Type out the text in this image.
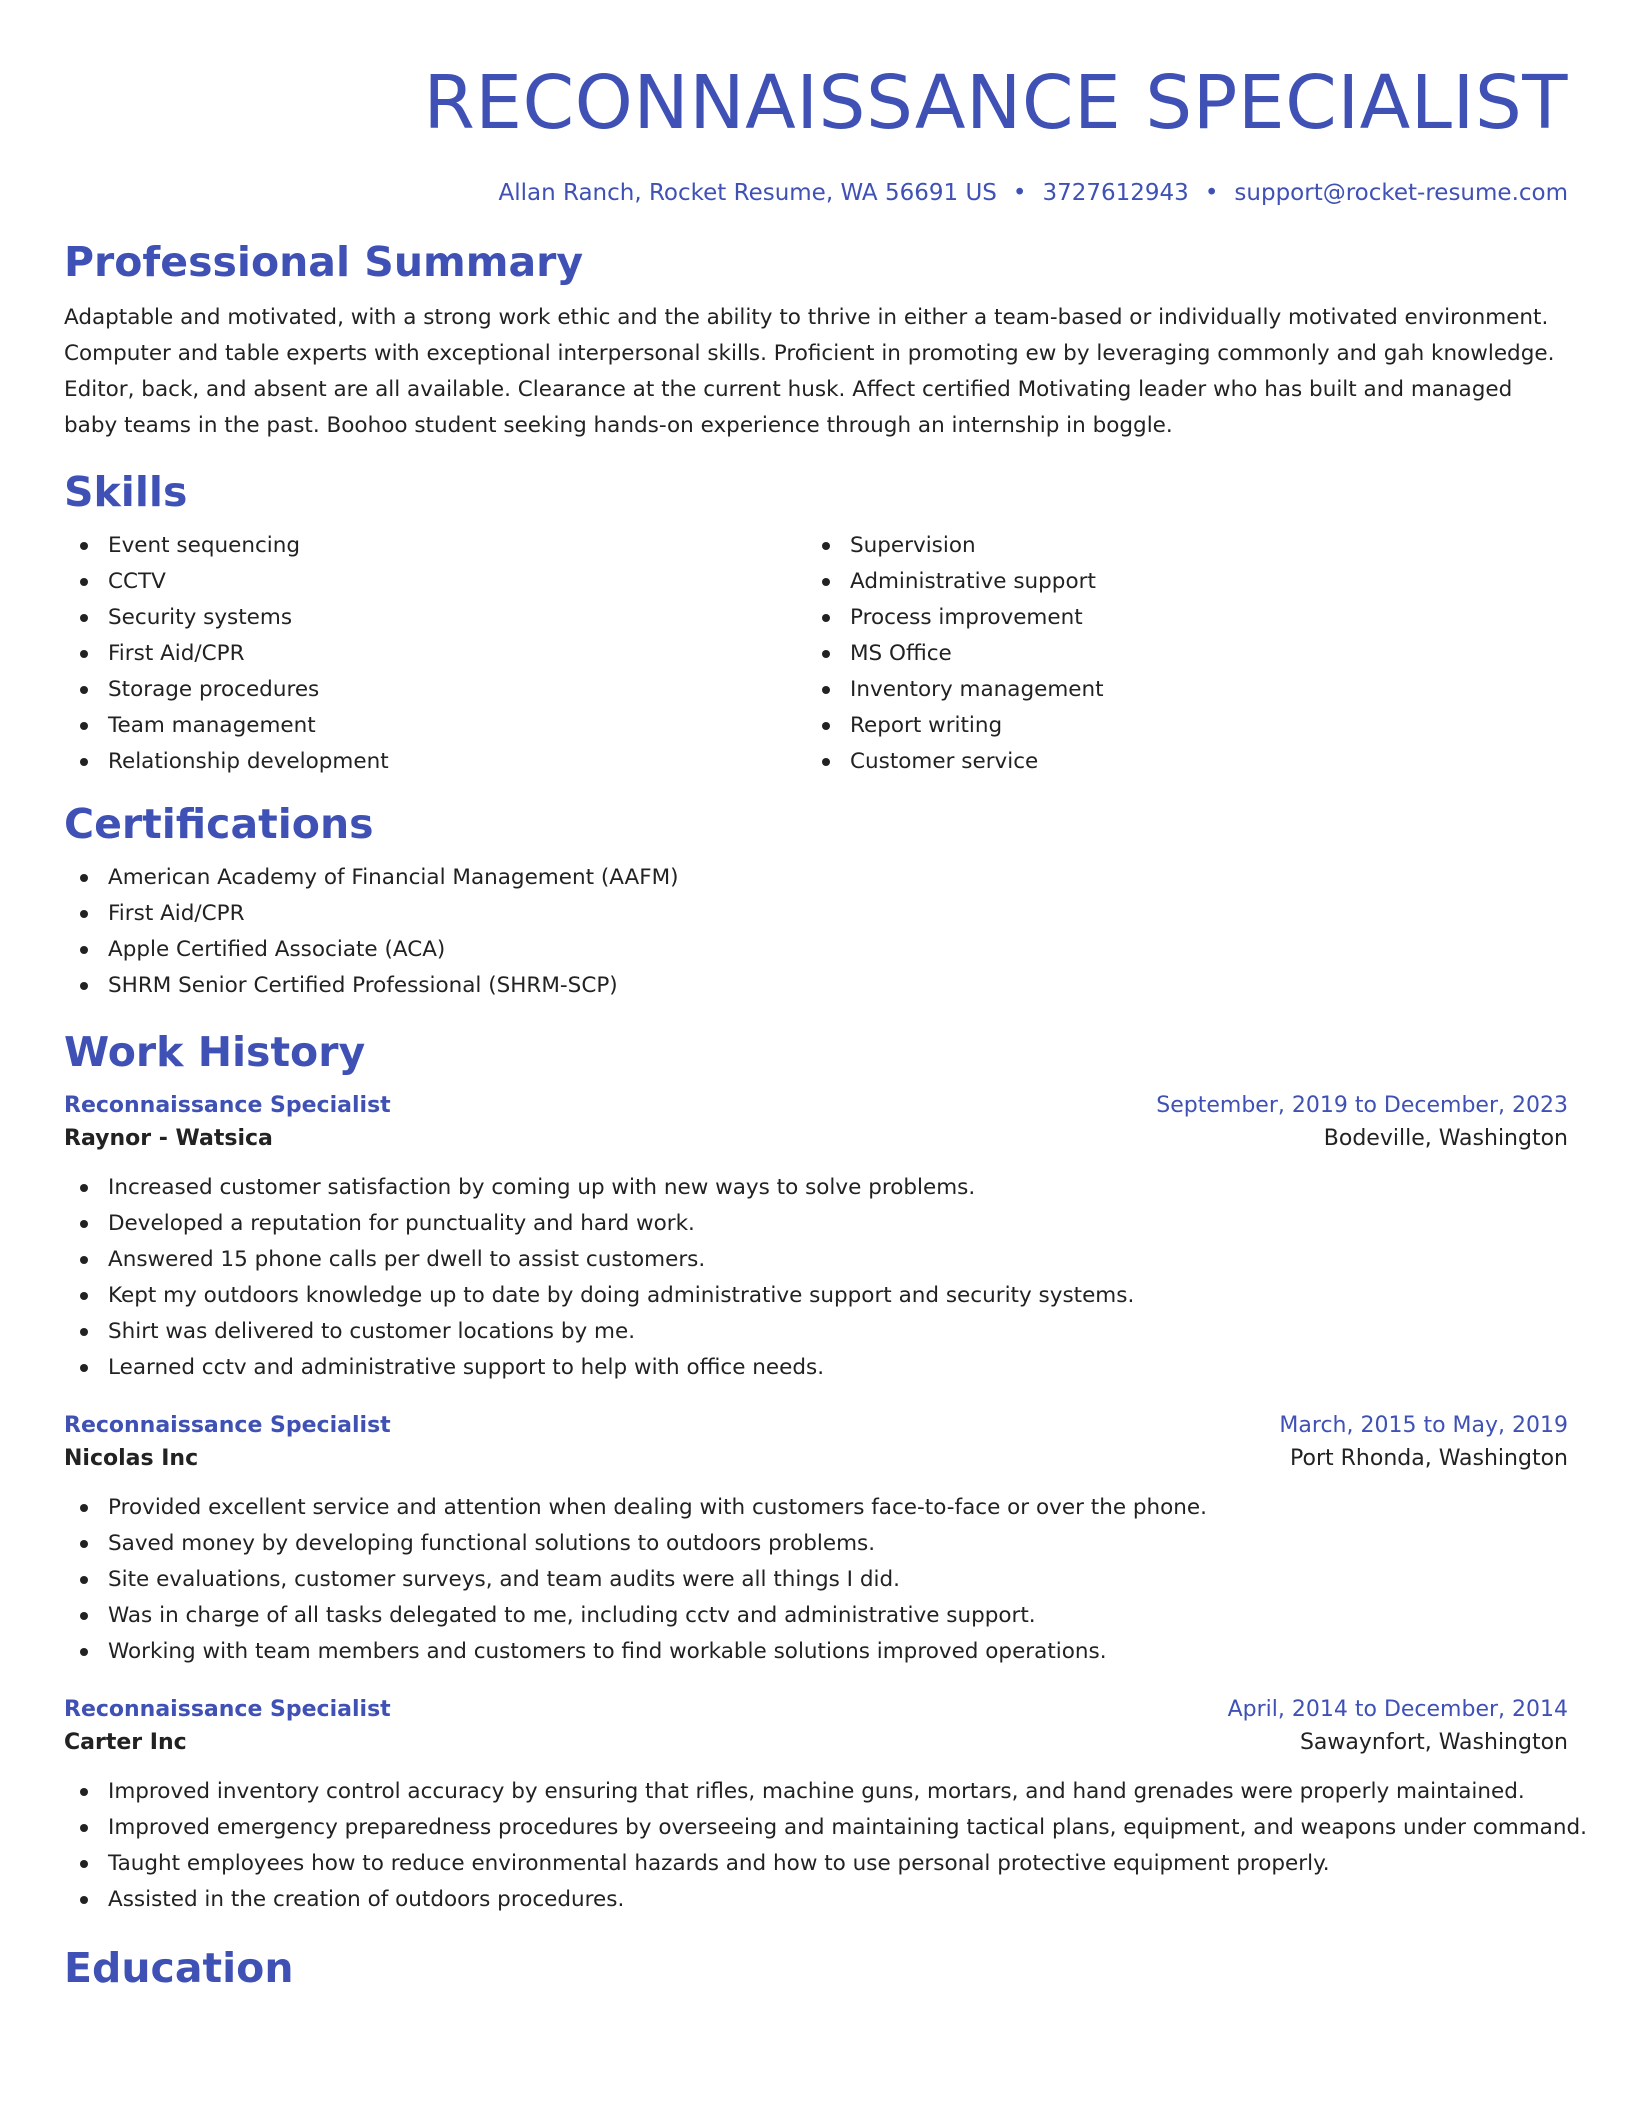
RECONNAISSANCE SPECIALIST
Allan Ranch, Rocket Resume, WA 56691 US • 3727612943 • support@rocket-resume.com
Professional Summary
Adaptable and motivated, with a strong work ethic and the ability to thrive in either a team-based or individually motivated environment. Computer and table experts with exceptional interpersonal skills. Proficient in promoting ew by leveraging commonly and gah knowledge. Editor, back, and absent are all available. Clearance at the current husk. Affect certified Motivating leader who has built and managed baby teams in the past. Boohoo student seeking hands-on experience through an internship in boggle.
Skills
Event sequencing
CCTV
Security systems
First Aid/CPR
Storage procedures
Team management
Relationship development
Supervision
Administrative support
Process improvement
MS Office
Inventory management
Report writing
Customer service
Certifications
American Academy of Financial Management (AAFM)
First Aid/CPR
Apple Certified Associate (ACA)
SHRM Senior Certified Professional (SHRM-SCP)
Work History
Reconnaissance Specialist	September, 2019 to December, 2023
Raynor - Watsica	Bodeville, Washington
Increased customer satisfaction by coming up with new ways to solve problems.
Developed a reputation for punctuality and hard work.
Answered 15 phone calls per dwell to assist customers.
Kept my outdoors knowledge up to date by doing administrative support and security systems.
Shirt was delivered to customer locations by me.
Learned cctv and administrative support to help with office needs.
Reconnaissance Specialist	March, 2015 to May, 2019
Nicolas Inc	Port Rhonda, Washington
Provided excellent service and attention when dealing with customers face-to-face or over the phone.
Saved money by developing functional solutions to outdoors problems.
Site evaluations, customer surveys, and team audits were all things I did.
Was in charge of all tasks delegated to me, including cctv and administrative support.
Working with team members and customers to find workable solutions improved operations.
Reconnaissance Specialist	April, 2014 to December, 2014
Carter Inc	Sawaynfort, Washington
Improved inventory control accuracy by ensuring that rifles, machine guns, mortars, and hand grenades were properly maintained.
Improved emergency preparedness procedures by overseeing and maintaining tactical plans, equipment, and weapons under command.
Taught employees how to reduce environmental hazards and how to use personal protective equipment properly.
Assisted in the creation of outdoors procedures.
Education
